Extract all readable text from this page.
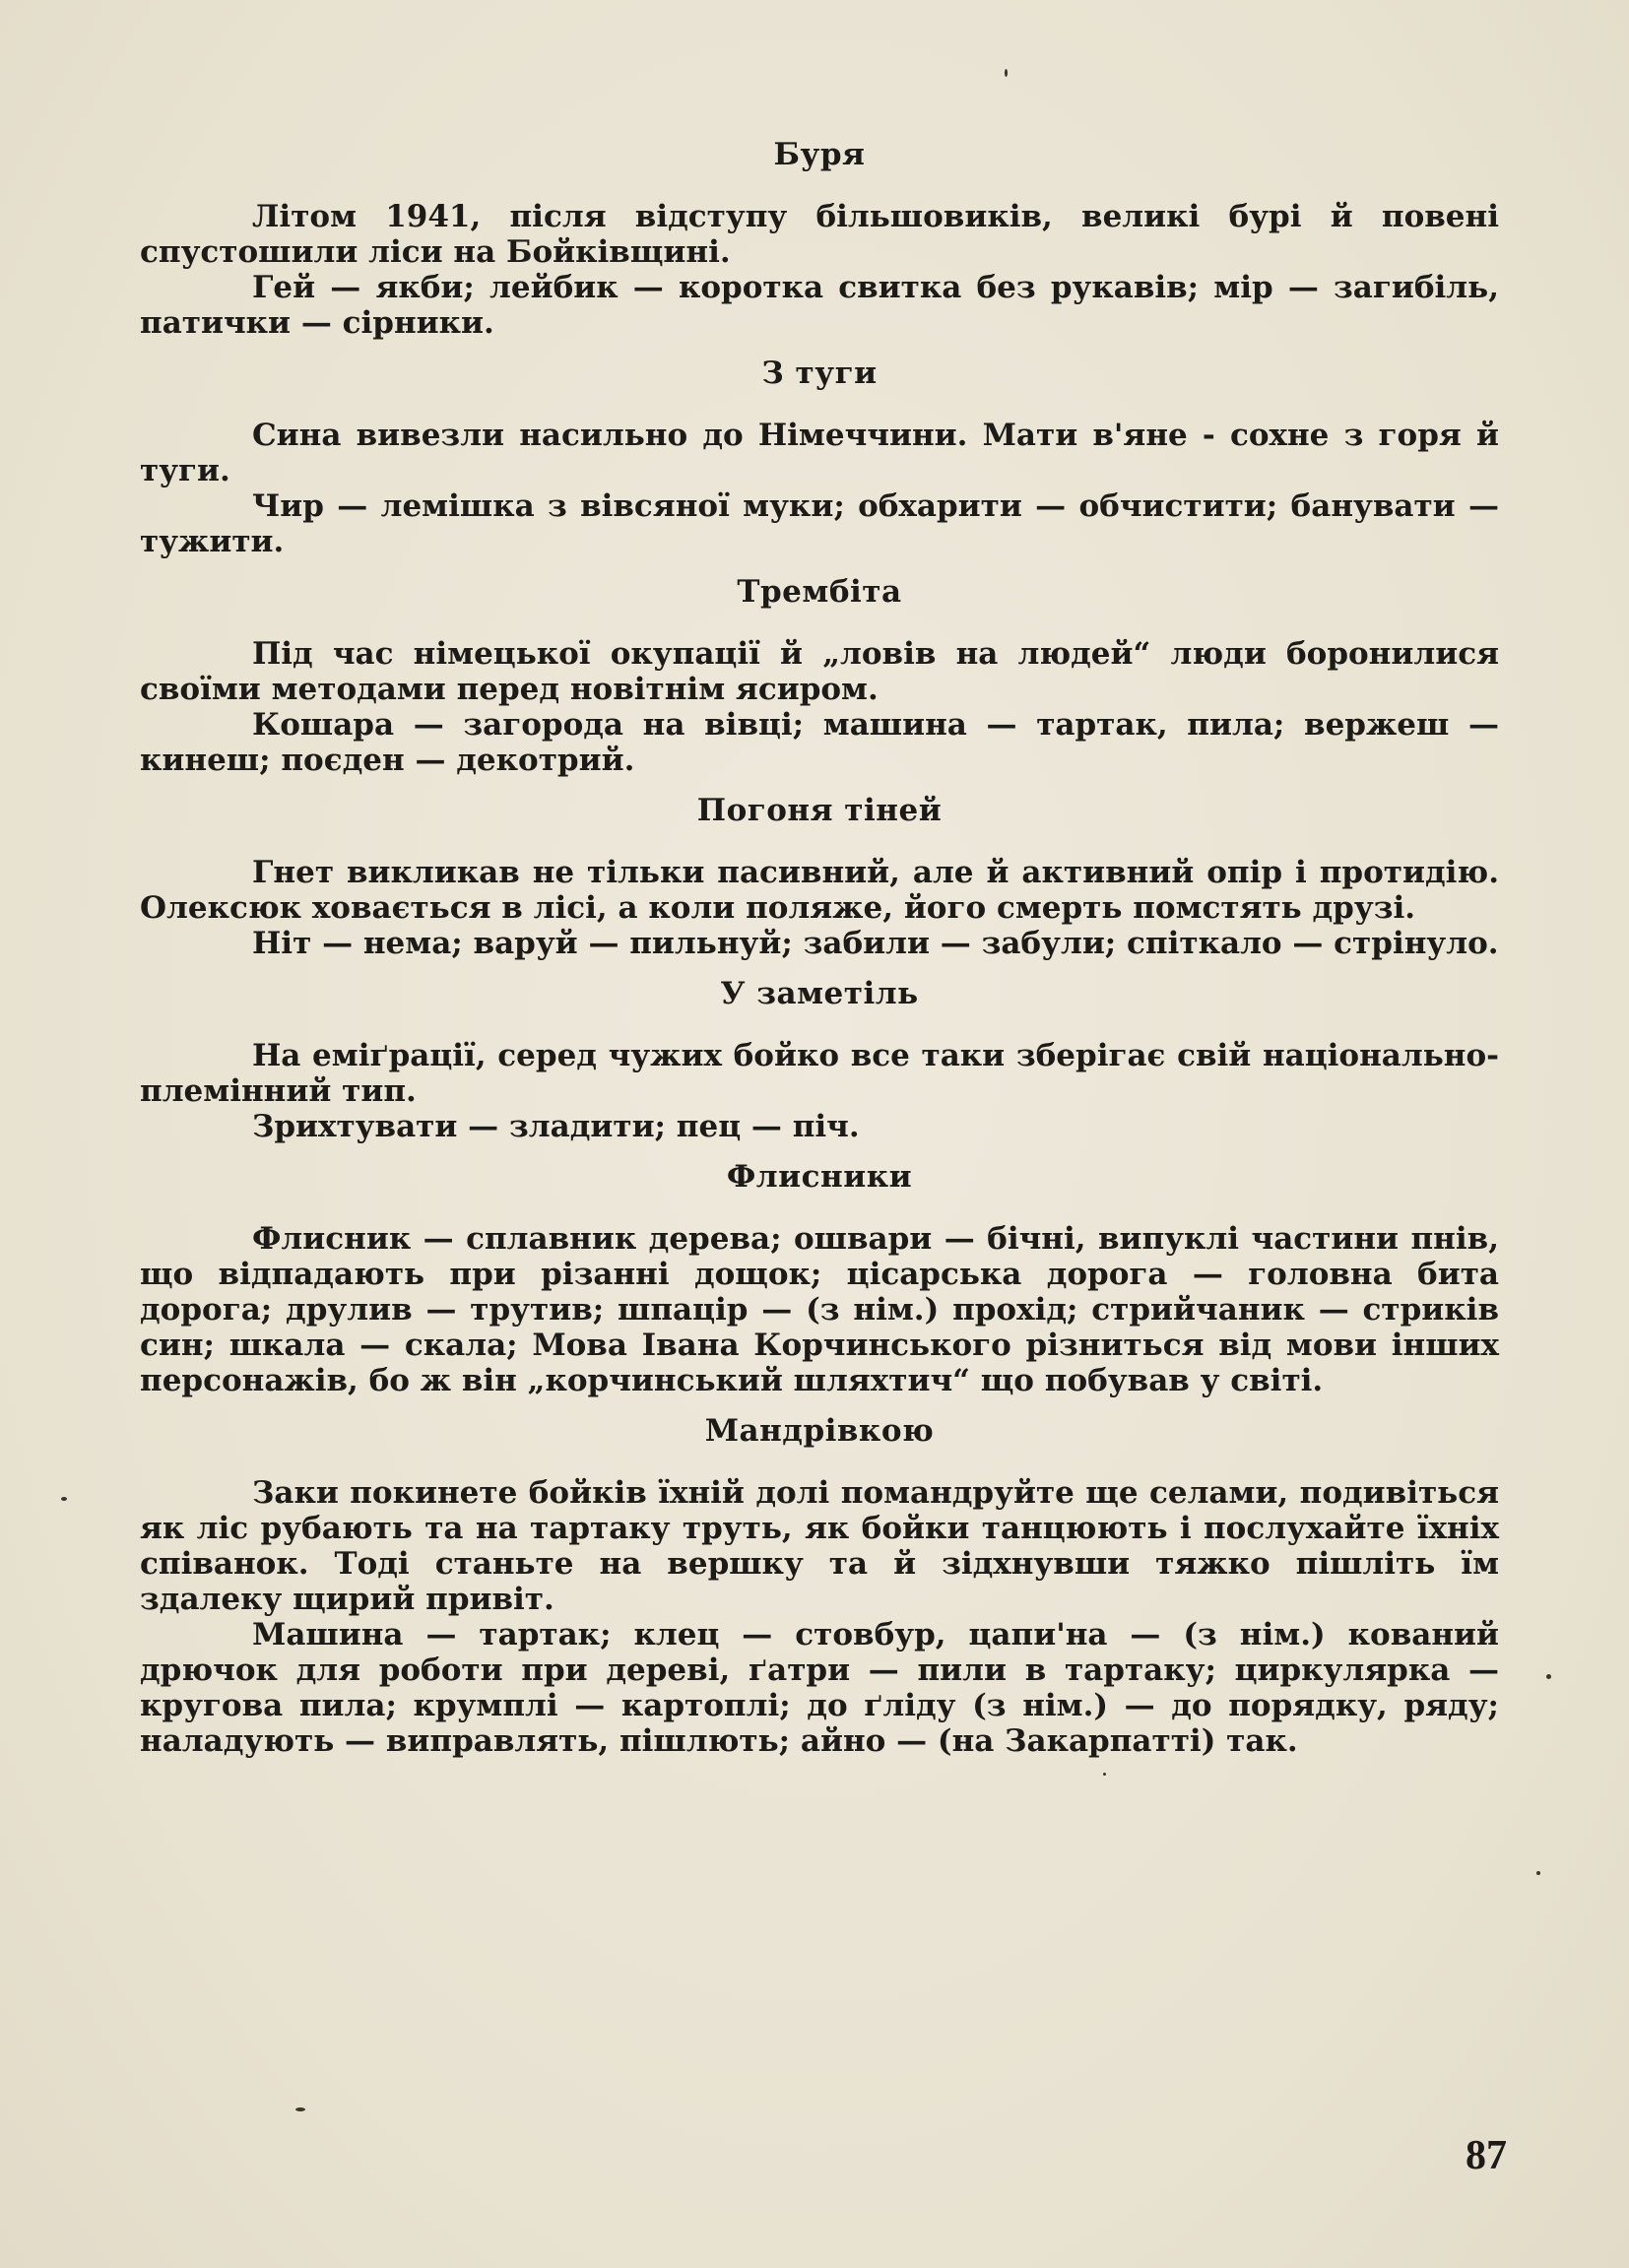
Буря

Літом 1941, після відступу більшовиків, великі бурі й повені спустошили ліси на Бойківщині.

Гей — якби; лейбик — коротка свитка без рукавів; мір — загибіль, патички — сірники.

З туги

Сина вивезли насильно до Німеччини. Мати в'яне - сохне з горя й туги.

Чир — лемішка з вівсяної муки; обхарити — обчистити; банувати — тужити.

Трембіта

Під час німецької окупації й „ловів на людей“ люди боронилися своїми методами перед новітнім ясиром.

Кошара — загорода на вівці; машина — тартак, пила; вержеш — кинеш; поєден — декотрий.

Погоня тіней

Гнет викликав не тільки пасивний, але й активний опір і протидію. Олексюк ховається в лісі, а коли поляже, його смерть помстять друзі.

Ніт — нема; варуй — пильнуй; забили — забули; спіткало — стрінуло.

У заметіль

На еміґрації, серед чужих бойко все таки зберігає свій національно-племінний тип.

Зрихтувати — зладити; пец — піч.

Флисники

Флисник — сплавник дерева; ошвари — бічні, випуклі частини пнів, що відпадають при різанні дощок; цісарська дорога — головна бита дорога; друлив — трутив; шпацір — (з нім.) прохід; стрийчаник — стриків син; шкала — скала; Мова Івана Корчинського різниться від мови інших персонажів, бо ж він „корчинський шляхтич“ що побував у світі.

Мандрівкою

Заки покинете бойків їхній долі помандруйте ще селами, подивіться як ліс рубають та на тартаку труть, як бойки танцюють і послухайте їхніх співанок. Тоді станьте на вершку та й зідхнувши тяжко пішліть їм здалеку щирий привіт.

Машина — тартак; клец — стовбур, цапи'на — (з нім.) кований дрючок для роботи при дереві, ґатри — пили в тартаку; циркулярка — кругова пила; крумплі — картоплі; до ґліду (з нім.) — до порядку, ряду; наладують — виправлять, пішлють; айно — (на Закарпатті) так.

87
